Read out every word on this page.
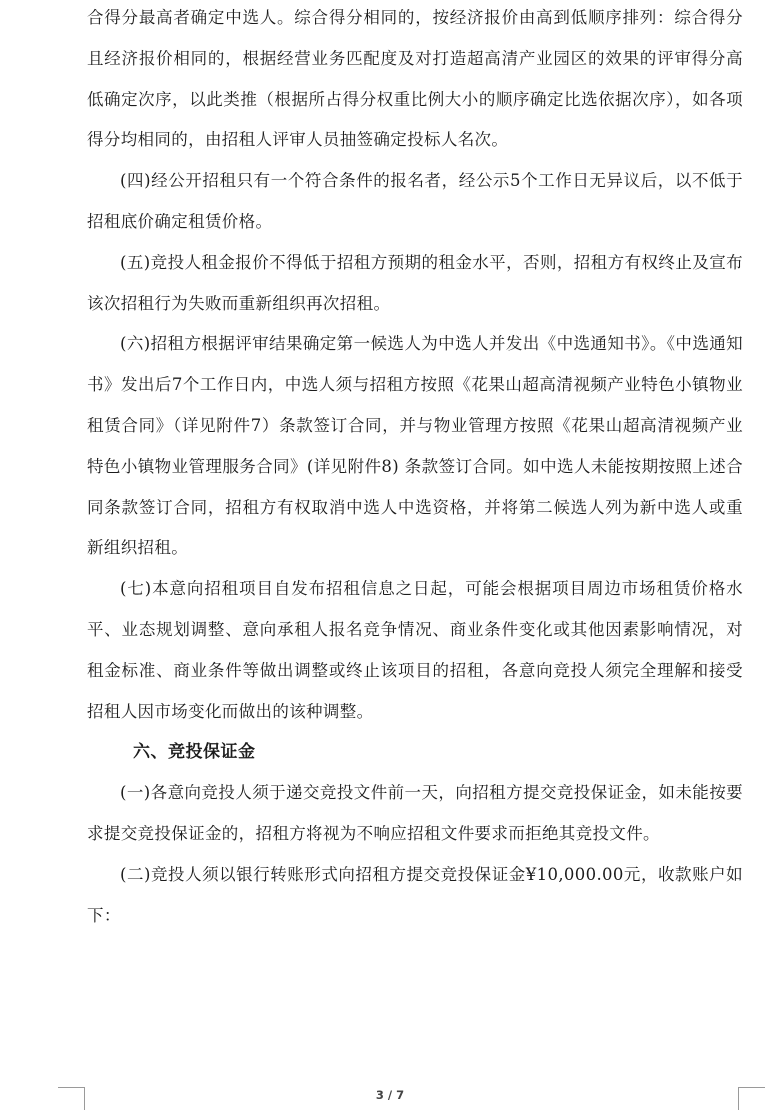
合得分最高者确定中选人。综合得分相同的，按经济报价由高到低顺序排列：综合得分且经济报价相同的，根据经营业务匹配度及对打造超高清产业园区的效果的评审得分高低确定次序，以此类推（根据所占得分权重比例大小的顺序确定比选依据次序），如各项得分均相同的，由招租人评审人员抽签确定投标人名次。

(四)经公开招租只有一个符合条件的报名者，经公示5个工作日无异议后，以不低于招租底价确定租赁价格。

(五)竞投人租金报价不得低于招租方预期的租金水平，否则，招租方有权终止及宣布该次招租行为失败而重新组织再次招租。

(六)招租方根据评审结果确定第一候选人为中选人并发出《中选通知书》。《中选通知书》发出后7个工作日内，中选人须与招租方按照《花果山超高清视频产业特色小镇物业租赁合同》（详见附件7）条款签订合同，并与物业管理方按照《花果山超高清视频产业特色小镇物业管理服务合同》(详见附件8) 条款签订合同。如中选人未能按期按照上述合同条款签订合同，招租方有权取消中选人中选资格，并将第二候选人列为新中选人或重新组织招租。

(七)本意向招租项目自发布招租信息之日起，可能会根据项目周边市场租赁价格水平、业态规划调整、意向承租人报名竞争情况、商业条件变化或其他因素影响情况，对租金标准、商业条件等做出调整或终止该项目的招租，各意向竞投人须完全理解和接受招租人因市场变化而做出的该种调整。

六、竞投保证金

(一)各意向竞投人须于递交竞投文件前一天，向招租方提交竞投保证金，如未能按要求提交竞投保证金的，招租方将视为不响应招租文件要求而拒绝其竞投文件。

(二)竞投人须以银行转账形式向招租方提交竞投保证金¥10,000.00元，收款账户如下：

3 / 7
